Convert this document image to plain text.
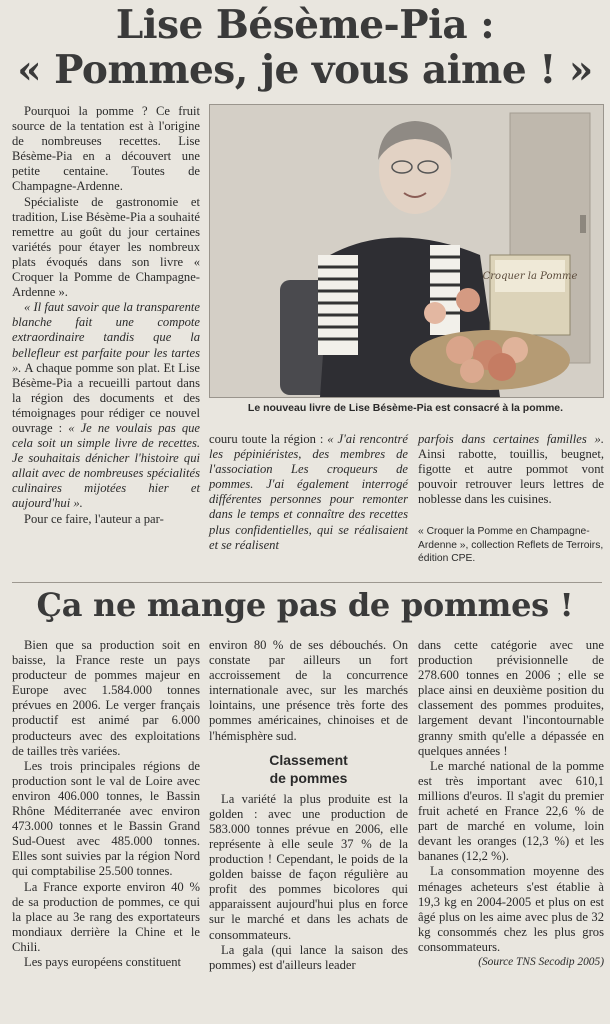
Lise Bésème-Pia :
« Pommes, je vous aime ! »

Pourquoi la pomme ? Ce fruit source de la tentation est à l'origine de nombreuses recettes. Lise Bésème-Pia en a découvert une petite centaine. Toutes de Champagne-Ardenne.

Spécialiste de gastronomie et tradition, Lise Bésème-Pia a souhaité remettre au goût du jour certaines variétés pour étayer les nombreux plats évoqués dans son livre « Croquer la Pomme de Champagne-Ardenne ».

« Il faut savoir que la transparente blanche fait une compote extraordinaire tandis que la bellefleur est parfaite pour les tartes ». A chaque pomme son plat. Et Lise Bésème-Pia a recueilli partout dans la région des documents et des témoignages pour rédiger ce nouvel ouvrage : « Je ne voulais pas que cela soit un simple livre de recettes. Je souhaitais dénicher l'histoire qui allait avec de nombreuses spécialités culinaires mijotées hier et aujourd'hui ».

Pour ce faire, l'auteur a par-

Croquer la Pomme
Le nouveau livre de Lise Bésème-Pia est consacré à la pomme.

couru toute la région : « J'ai rencontré les pépiniéristes, des membres de l'association Les croqueurs de pommes. J'ai également interrogé différentes personnes pour remonter dans le temps et connaître des recettes plus confidentielles, qui se réalisaient et se réalisent

parfois dans certaines familles ». Ainsi rabotte, touillis, beugnet, figotte et autre pommot vont pouvoir retrouver leurs lettres de noblesse dans les cuisines.

« Croquer la Pomme en Champagne-Ardenne », collection Reflets de Terroirs, édition CPE.

Ça ne mange pas de pommes !

Bien que sa production soit en baisse, la France reste un pays producteur de pommes majeur en Europe avec 1.584.000 tonnes prévues en 2006. Le verger français productif est animé par 6.000 producteurs avec des exploitations de tailles très variées.

Les trois principales régions de production sont le val de Loire avec environ 406.000 tonnes, le Bassin Rhône Méditerranée avec environ 473.000 tonnes et le Bassin Grand Sud-Ouest avec 485.000 tonnes. Elles sont suivies par la région Nord qui comptabilise 25.500 tonnes.

La France exporte environ 40 % de sa production de pommes, ce qui la place au 3e rang des exportateurs mondiaux derrière la Chine et le Chili.

Les pays européens constituent

environ 80 % de ses débouchés. On constate par ailleurs un fort accroissement de la concurrence internationale avec, sur les marchés lointains, une présence très forte des pommes américaines, chinoises et de l'hémisphère sud.

Classement
de pommes

La variété la plus produite est la golden : avec une production de 583.000 tonnes prévue en 2006, elle représente à elle seule 37 % de la production ! Cependant, le poids de la golden baisse de façon régulière au profit des pommes bicolores qui apparaissent aujourd'hui plus en force sur le marché et dans les achats de consommateurs.

La gala (qui lance la saison des pommes) est d'ailleurs leader

dans cette catégorie avec une production prévisionnelle de 278.600 tonnes en 2006 ; elle se place ainsi en deuxième position du classement des pommes produites, largement devant l'incontournable granny smith qu'elle a dépassée en quelques années !

Le marché national de la pomme est très important avec 610,1 millions d'euros. Il s'agit du premier fruit acheté en France 22,6 % de part de marché en volume, loin devant les oranges (12,3 %) et les bananes (12,2 %).

La consommation moyenne des ménages acheteurs s'est établie à 19,3 kg en 2004-2005 et plus on est âgé plus on les aime avec plus de 32 kg consommés chez les plus gros consommateurs.

(Source TNS Secodip 2005)
